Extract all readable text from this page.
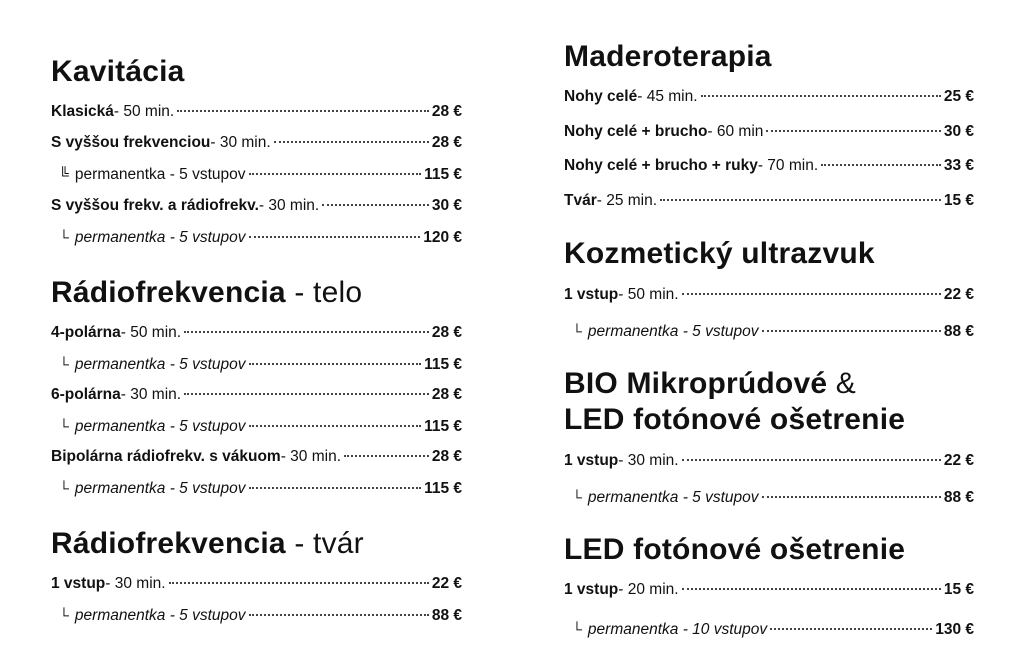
Kavitácia
Klasická - 50 min.	28 €
S vyššou frekvenciou - 30 min.	28 €
╚ permanentka - 5 vstupov	115 €
S vyššou frekv. a rádiofrekv. - 30 min.	30 €
└ permanentka - 5 vstupov	120 €
Rádiofrekvencia - telo
4-polárna - 50 min.	28 €
└ permanentka - 5 vstupov	115 €
6-polárna - 30 min.	28 €
└ permanentka - 5 vstupov	115 €
Bipolárna rádiofrekv. s vákuom - 30 min.	28 €
└ permanentka - 5 vstupov	115 €
Rádiofrekvencia - tvár
1 vstup - 30 min.	22 €
└ permanentka - 5 vstupov	88 €
Maderoterapia
Nohy celé - 45 min.	25 €
Nohy celé + brucho - 60 min	30 €
Nohy celé + brucho + ruky - 70 min.	33 €
Tvár - 25 min.	15 €
Kozmetický ultrazvuk
1 vstup - 50 min.	22 €
└ permanentka - 5 vstupov	88 €
BIO Mikroprúdové &
LED fotónové ošetrenie
1 vstup - 30 min.	22 €
└ permanentka - 5 vstupov	88 €
LED fotónové ošetrenie
1 vstup - 20 min.	15 €
└ permanentka - 10 vstupov	130 €
